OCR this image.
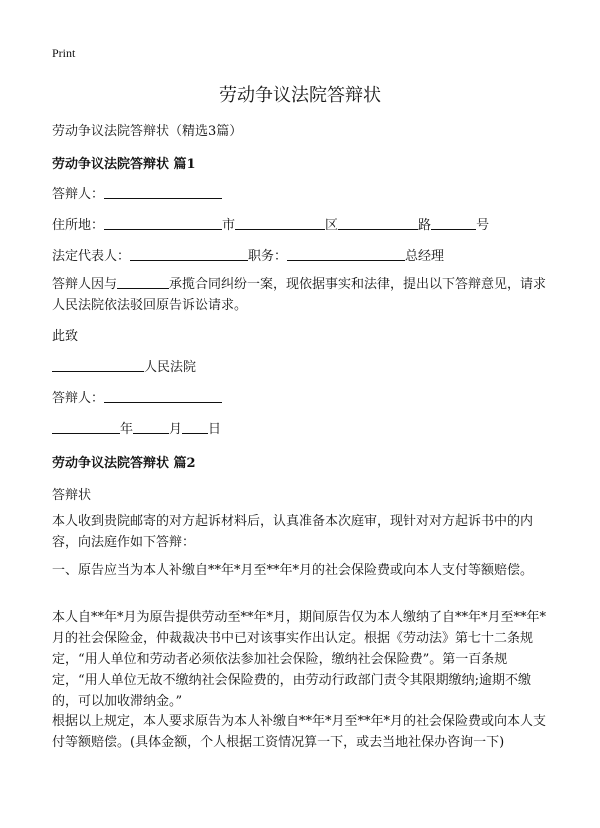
Print
劳动争议法院答辩状
劳动争议法院答辩状（精选3篇）
劳动争议法院答辩状 篇1
答辩人：
住所地：	市	区	路	号
法定代表人：	职务：	总经理
答辩人因与	承揽合同纠纷一案，现依据事实和法律，提出以下答辩意见，请求人民法院依法驳回原告诉讼请求。
此致
人民法院
答辩人：
年	月 日
劳动争议法院答辩状 篇2
答辩状
本人收到贵院邮寄的对方起诉材料后，认真准备本次庭审，现针对对方起诉书中的内容，向法庭作如下答辩：
一、原告应当为本人补缴自**年*月至**年*月的社会保险费或向本人支付等额赔偿。
本人自**年*月为原告提供劳动至**年*月，期间原告仅为本人缴纳了自**年*月至**年*月的社会保险金，仲裁裁决书中已对该事实作出认定。根据《劳动法》第七十二条规定，“用人单位和劳动者必须依法参加社会保险，缴纳社会保险费”。第一百条规定，“用人单位无故不缴纳社会保险费的，由劳动行政部门责令其限期缴纳;逾期不缴的，可以加收滞纳金。”
根据以上规定，本人要求原告为本人补缴自**年*月至**年*月的社会保险费或向本人支付等额赔偿。(具体金额，个人根据工资情况算一下，或去当地社保办咨询一下)
